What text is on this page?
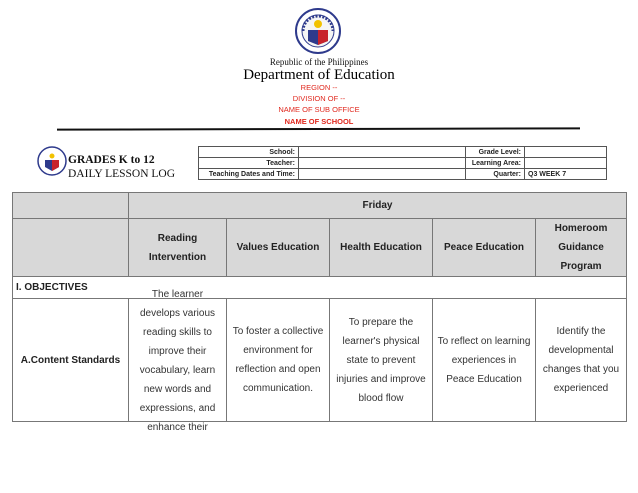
Republic of the Philippines
Department of Education
REGION --
DIVISION OF --
NAME OF SUB OFFICE
NAME OF SCHOOL
GRADES K to 12
DAILY LESSON LOG
School:		Grade Level:	
Teacher:		Learning Area:	
Teaching Dates and Time:		Quarter:	Q3 WEEK 7
	Friday				
	Reading Intervention	Values Education	Health Education	Peace Education	Homeroom Guidance Program
I. OBJECTIVES					
A.Content Standards	The learner develops various reading skills to improve their vocabulary, learn new words and expressions, and enhance their	To foster a collective environment for reflection and open communication.	To prepare the learner's physical state to prevent injuries and improve blood flow	To reflect on learning experiences in Peace Education	Identify the developmental changes that you experienced
